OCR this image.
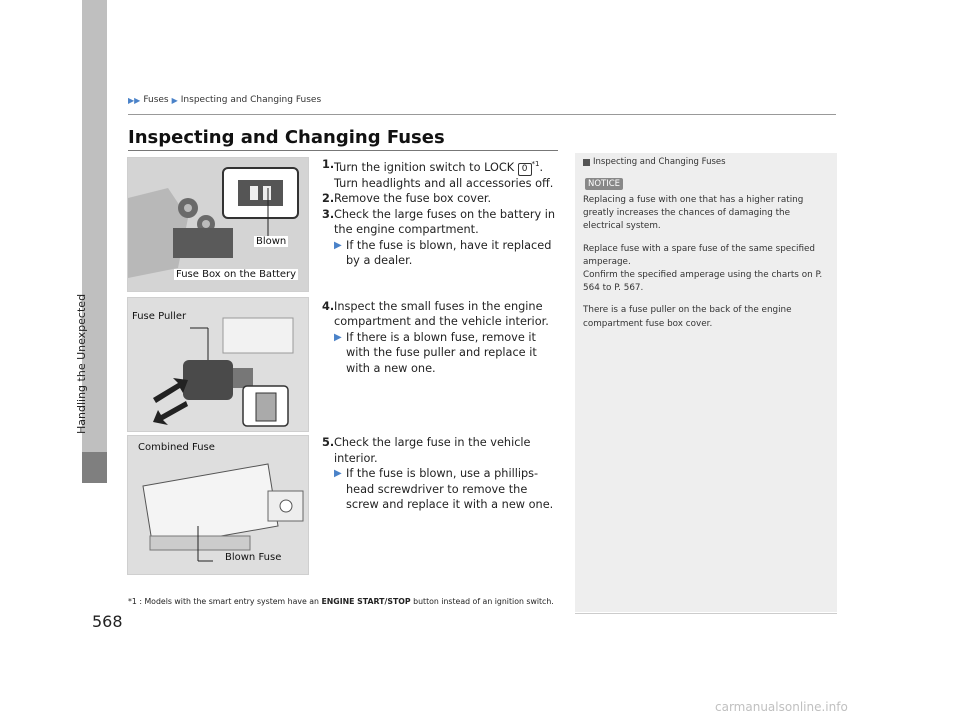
Handling the Unexpected
▶▶ Fuses ▶ Inspecting and Changing Fuses
Inspecting and Changing Fuses
Blown
Fuse Box on the Battery
Fuse Puller
Combined Fuse
Blown Fuse
1. Turn the ignition switch to LOCK 0 $^{*1}$. Turn headlights and all accessories off.
2. Remove the fuse box cover.
3. Check the large fuses on the battery in the engine compartment.
▶ If the fuse is blown, have it replaced by a dealer.
4. Inspect the small fuses in the engine compartment and the vehicle interior.
▶ If there is a blown fuse, remove it with the fuse puller and replace it with a new one.
5. Check the large fuse in the vehicle interior.
▶ If the fuse is blown, use a phillips-head screwdriver to remove the screw and replace it with a new one.
Inspecting and Changing Fuses
NOTICE

Replacing a fuse with one that has a higher rating greatly increases the chances of damaging the electrical system.

Replace fuse with a spare fuse of the same specified amperage.

Confirm the specified amperage using the charts on P. 564 to P. 567.

There is a fuse puller on the back of the engine compartment fuse box cover.

*1 : Models with the smart entry system have an ENGINE START/STOP button instead of an ignition switch.
568
carmanualsonline.info
